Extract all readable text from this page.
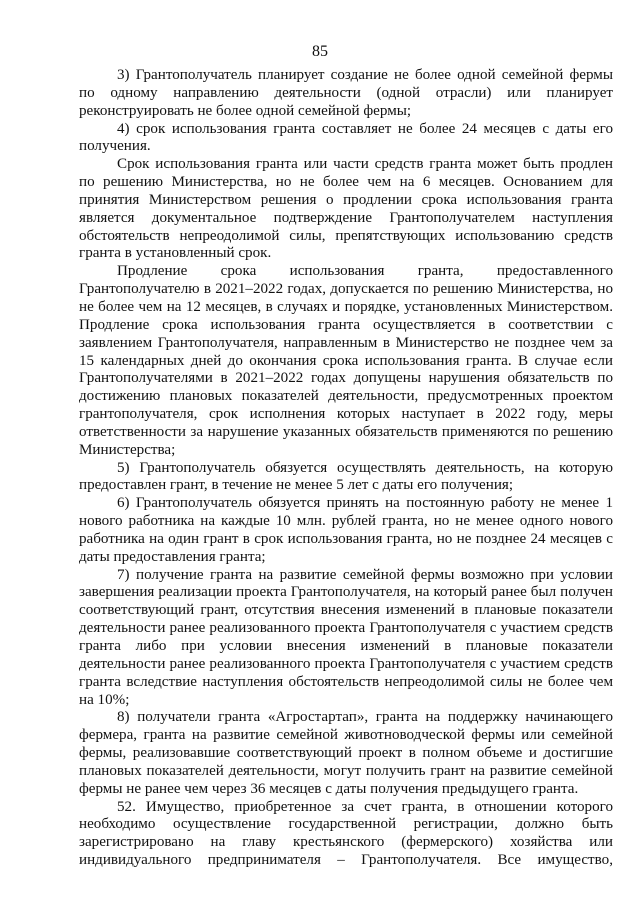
85

3) Грантополучатель планирует создание не более одной семейной фермы по одному направлению деятельности (одной отрасли) или планирует реконструировать не более одной семейной фермы;

4) срок использования гранта составляет не более 24 месяцев с даты его получения.

Срок использования гранта или части средств гранта может быть продлен по решению Министерства, но не более чем на 6 месяцев. Основанием для принятия Министерством решения о продлении срока использования гранта является документальное подтверждение Грантополучателем наступления обстоятельств непреодолимой силы, препятствующих использованию средств гранта в установленный срок.

Продление срока использования гранта, предоставленного Грантополучателю в 2021–2022 годах, допускается по решению Министерства, но не более чем на 12 месяцев, в случаях и порядке, установленных Министерством. Продление срока использования гранта осуществляется в соответствии с заявлением Грантополучателя, направленным в Министерство не позднее чем за 15 календарных дней до окончания срока использования гранта. В случае если Грантополучателями в 2021–2022 годах допущены нарушения обязательств по достижению плановых показателей деятельности, предусмотренных проектом грантополучателя, срок исполнения которых наступает в 2022 году, меры ответственности за нарушение указанных обязательств применяются по решению Министерства;

5) Грантополучатель обязуется осуществлять деятельность, на которую предоставлен грант, в течение не менее 5 лет с даты его получения;

6) Грантополучатель обязуется принять на постоянную работу не менее 1 нового работника на каждые 10 млн. рублей гранта, но не менее одного нового работника на один грант в срок использования гранта, но не позднее 24 месяцев с даты предоставления гранта;

7) получение гранта на развитие семейной фермы возможно при условии завершения реализации проекта Грантополучателя, на который ранее был получен соответствующий грант, отсутствия внесения изменений в плановые показатели деятельности ранее реализованного проекта Грантополучателя с участием средств гранта либо при условии внесения изменений в плановые показатели деятельности ранее реализованного проекта Грантополучателя с участием средств гранта вследствие наступления обстоятельств непреодолимой силы не более чем на 10%;

8) получатели гранта «Агростартап», гранта на поддержку начинающего фермера, гранта на развитие семейной животноводческой фермы или семейной фермы, реализовавшие соответствующий проект в полном объеме и достигшие плановых показателей деятельности, могут получить грант на развитие семейной фермы не ранее чем через 36 месяцев с даты получения предыдущего гранта.

52. Имущество, приобретенное за счет гранта, в отношении которого необходимо осуществление государственной регистрации, должно быть зарегистрировано на главу крестьянского (фермерского) хозяйства или индивидуального предпринимателя – Грантополучателя. Все имущество,
